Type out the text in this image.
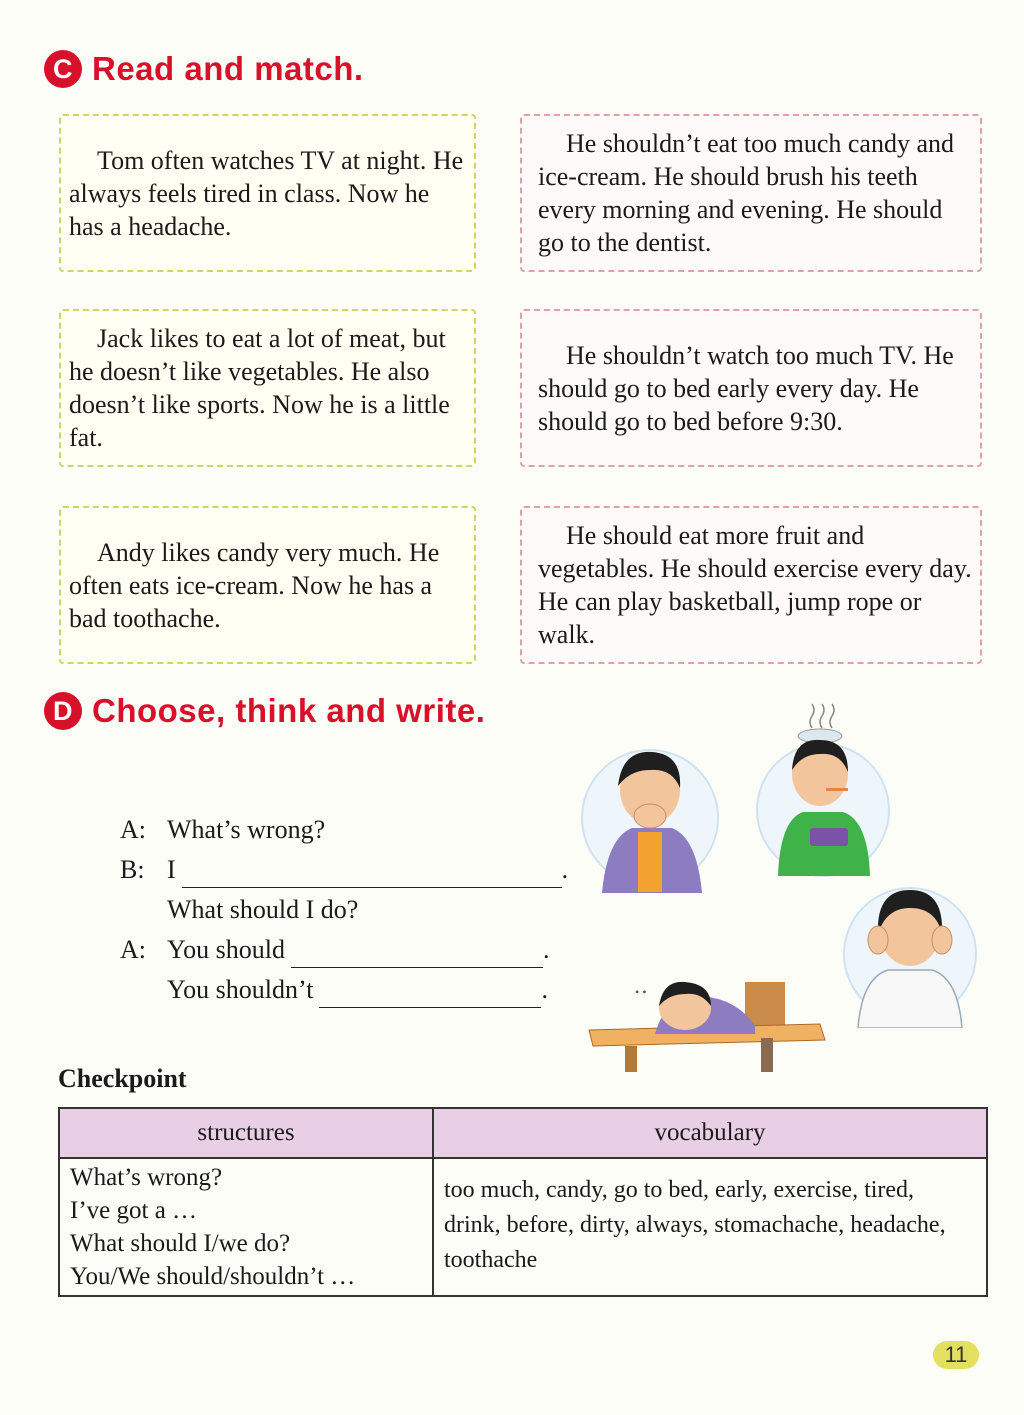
C Read and match.

Tom often watches TV at night. He always feels tired in class. Now he has a headache.

Jack likes to eat a lot of meat, but he doesn’t like vegetables. He also doesn’t like sports. Now he is a little fat.

Andy likes candy very much. He often eats ice-cream. Now he has a bad toothache.

He shouldn’t eat too much candy and ice-cream. He should brush his teeth every morning and evening. He should go to the dentist.

He shouldn’t watch too much TV. He should go to bed early every day. He should go to bed before 9:30.

He should eat more fruit and vegetables. He should exercise every day. He can play basketball, jump rope or walk.

D Choose, think and write.
A: What’s wrong?
B: I	.
What should I do?
A: You should	.
You shouldn’t	.	• •
Checkpoint
structures	vocabulary

What’s wrong?
I’ve got a …
What should I/we do?
You/We should/shouldn’t …	too much, candy, go to bed, early, exercise, tired, drink, before, dirty, always, stomachache, headache, toothache
11
